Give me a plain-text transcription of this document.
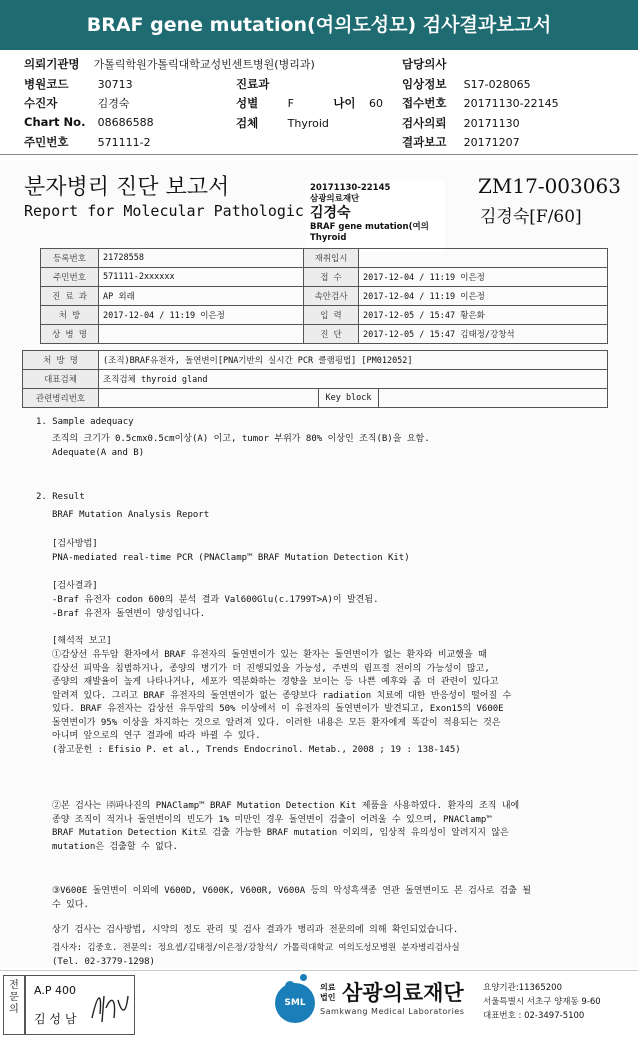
BRAF gene mutation(여의도성모) 검사결과보고서
의뢰기관명 가톨릭학원가톨릭대학교성빈센트병원(병리과)	담당의사
병원코드	30713	진료과	임상정보 S17-028065
수진자	김경숙	성별	F	나이 60 접수번호 20171130-22145
Chart No. 08686588	검체	Thyroid	검사의뢰 20171130
주민번호	571111-2	결과보고 20171207
분자병리 진단 보고서
Report for Molecular Pathologic
ZM17-003063
김경숙[F/60]
20171130-22145
삼광의료재단
김경숙
BRAF gene mutation(여의
Thyroid
등록번호	21728558	재취입시	
주민번호	571111-2xxxxxx	접 수	2017-12-04 / 11:19 이은정
진 료 과	AP 외래	속안검사	2017-12-04 / 11:19 이은정
처 방	2017-12-04 / 11:19 이은정	입 력	2017-12-05 / 15:47 황은화
상 병 명		진 단	2017-12-05 / 15:47 김태정/강창석
처 방 명	(조직)BRAF유전자, 돌연변이[PNA기반의 실시간 PCR 클램핑법] [PM012052]		
대표검체	조직검체 thyroid gland		
관련병리번호		Key block	
1. Sample adequacy
조직의 크기가 0.5cmx0.5cm이상(A) 이고, tumor 부위가 80% 이상인 조직(B)을 요함.
Adequate(A and B)
2. Result
BRAF Mutation Analysis Report
[검사방법]
PNA-mediated real-time PCR (PNAClamp™ BRAF Mutation Detection Kit)
[검사결과]
-Braf 유전자 codon 600의 분석 결과 Val600Glu(c.1799T>A)이 발견됨.
-Braf 유전자 돌연변이 양성입니다.
[해석적 보고]
①감상선 유두암 환자에서 BRAF 유전자의 돌연변이가 있는 환자는 돌연변이가 없는 환자와 비교했을 때
갑상선 피막을 침범하거나, 종양의 병기가 더 진행되었을 가능성, 주변의 림프절 전이의 가능성이 많고,
종양의 재발율이 높게 나타나거나, 세포가 역분화하는 경향을 보이는 등 나쁜 예후와 좀 더 관련이 있다고
알려져 있다. 그리고 BRAF 유전자의 돌연변이가 없는 종양보다 radiation 치료에 대한 반응성이 떨어질 수
있다. BRAF 유전자는 갑상선 유두암의 50% 이상에서 이 유전자의 돌연변이가 발견되고, Exon15의 V600E
돌연변이가 95% 이상을 차지하는 것으로 알려져 있다. 이러한 내용은 모든 환자에게 똑같이 적용되는 것은
아니며 앞으로의 연구 결과에 따라 바뀔 수 있다.
(참고문헌 : Efisio P. et al., Trends Endocrinol. Metab., 2008 ; 19 : 138-145)
②본 검사는 ㈜파나진의 PNAClamp™ BRAF Mutation Detection Kit 제품을 사용하였다. 환자의 조직 내에
종양 조직이 적거나 돌연변이의 빈도가 1% 미만인 경우 돌연변이 검출이 어려울 수 있으며, PNAClamp™
BRAF Mutation Detection Kit로 검출 가능한 BRAF mutation 이외의, 임상적 유의성이 알려지지 않은
mutation은 검출할 수 없다.
③V600E 돌연변이 이외에 V600D, V600K, V600R, V600A 등의 악성흑색종 연관 돌연변이도 본 검사로 검출 될
수 있다.
상기 검사는 검사방법, 시약의 정도 관리 및 검사 결과가 병리과 전문의에 의해 확인되었습니다.
검사자: 김중호. 전문의: 정요셉/김태정/이은정/강창석/ 가톨릭대학교 여의도성모병원 분자병리검사실
(Tel. 02-3779-1298)
전문의
A.P 400
김 성 남
SML
의료
법인 삼광의료재단
Samkwang Medical Laboratories
요양기관:11365200
서울특별시 서초구 양재동 9-60
대표번호 : 02-3497-5100
